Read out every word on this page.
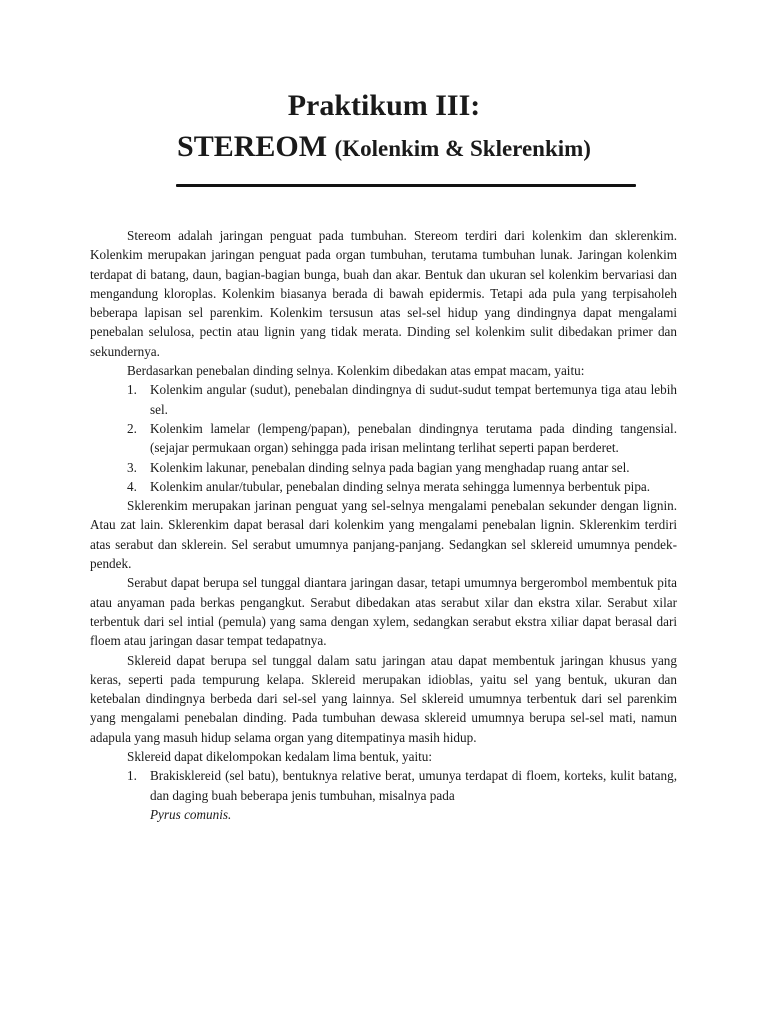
Praktikum III:
STEREOM (Kolenkim & Sklerenkim)

Stereom adalah jaringan penguat pada tumbuhan. Stereom terdiri dari kolenkim dan sklerenkim. Kolenkim merupakan jaringan penguat pada organ tumbuhan, terutama tumbuhan lunak. Jaringan kolenkim terdapat di batang, daun, bagian-bagian bunga, buah dan akar. Bentuk dan ukuran sel kolenkim bervariasi dan mengandung kloroplas. Kolenkim biasanya berada di bawah epidermis. Tetapi ada pula yang terpisaholeh beberapa lapisan sel parenkim. Kolenkim tersusun atas sel-sel hidup yang dindingnya dapat mengalami penebalan selulosa, pectin atau lignin yang tidak merata. Dinding sel kolenkim sulit dibedakan primer dan sekundernya.

Berdasarkan penebalan dinding selnya. Kolenkim dibedakan atas empat macam, yaitu:

1. Kolenkim angular (sudut), penebalan dindingnya di sudut-sudut tempat bertemunya tiga atau lebih sel.
2. Kolenkim lamelar (lempeng/papan), penebalan dindingnya terutama pada dinding tangensial. (sejajar permukaan organ) sehingga pada irisan melintang terlihat seperti papan berderet.
3. Kolenkim lakunar, penebalan dinding selnya pada bagian yang menghadap ruang antar sel.
4. Kolenkim anular/tubular, penebalan dinding selnya merata sehingga lumennya berbentuk pipa.

Sklerenkim merupakan jarinan penguat yang sel-selnya mengalami penebalan sekunder dengan lignin. Atau zat lain. Sklerenkim dapat berasal dari kolenkim yang mengalami penebalan lignin. Sklerenkim terdiri atas serabut dan sklerein. Sel serabut umumnya panjang-panjang. Sedangkan sel sklereid umumnya pendek-pendek.

Serabut dapat berupa sel tunggal diantara jaringan dasar, tetapi umumnya bergerombol membentuk pita atau anyaman pada berkas pengangkut. Serabut dibedakan atas serabut xilar dan ekstra xilar. Serabut xilar terbentuk dari sel intial (pemula) yang sama dengan xylem, sedangkan serabut ekstra xiliar dapat berasal dari floem atau jaringan dasar tempat tedapatnya.

Sklereid dapat berupa sel tunggal dalam satu jaringan atau dapat membentuk jaringan khusus yang keras, seperti pada tempurung kelapa. Sklereid merupakan idioblas, yaitu sel yang bentuk, ukuran dan ketebalan dindingnya berbeda dari sel-sel yang lainnya. Sel sklereid umumnya terbentuk dari sel parenkim yang mengalami penebalan dinding. Pada tumbuhan dewasa sklereid umumnya berupa sel-sel mati, namun adapula yang masuh hidup selama organ yang ditempatinya masih hidup.

Sklereid dapat dikelompokan kedalam lima bentuk, yaitu:

1. Brakisklereid (sel batu), bentuknya relative berat, umunya terdapat di floem, korteks, kulit batang, dan daging buah beberapa jenis tumbuhan, misalnya pada
Pyrus comunis.
